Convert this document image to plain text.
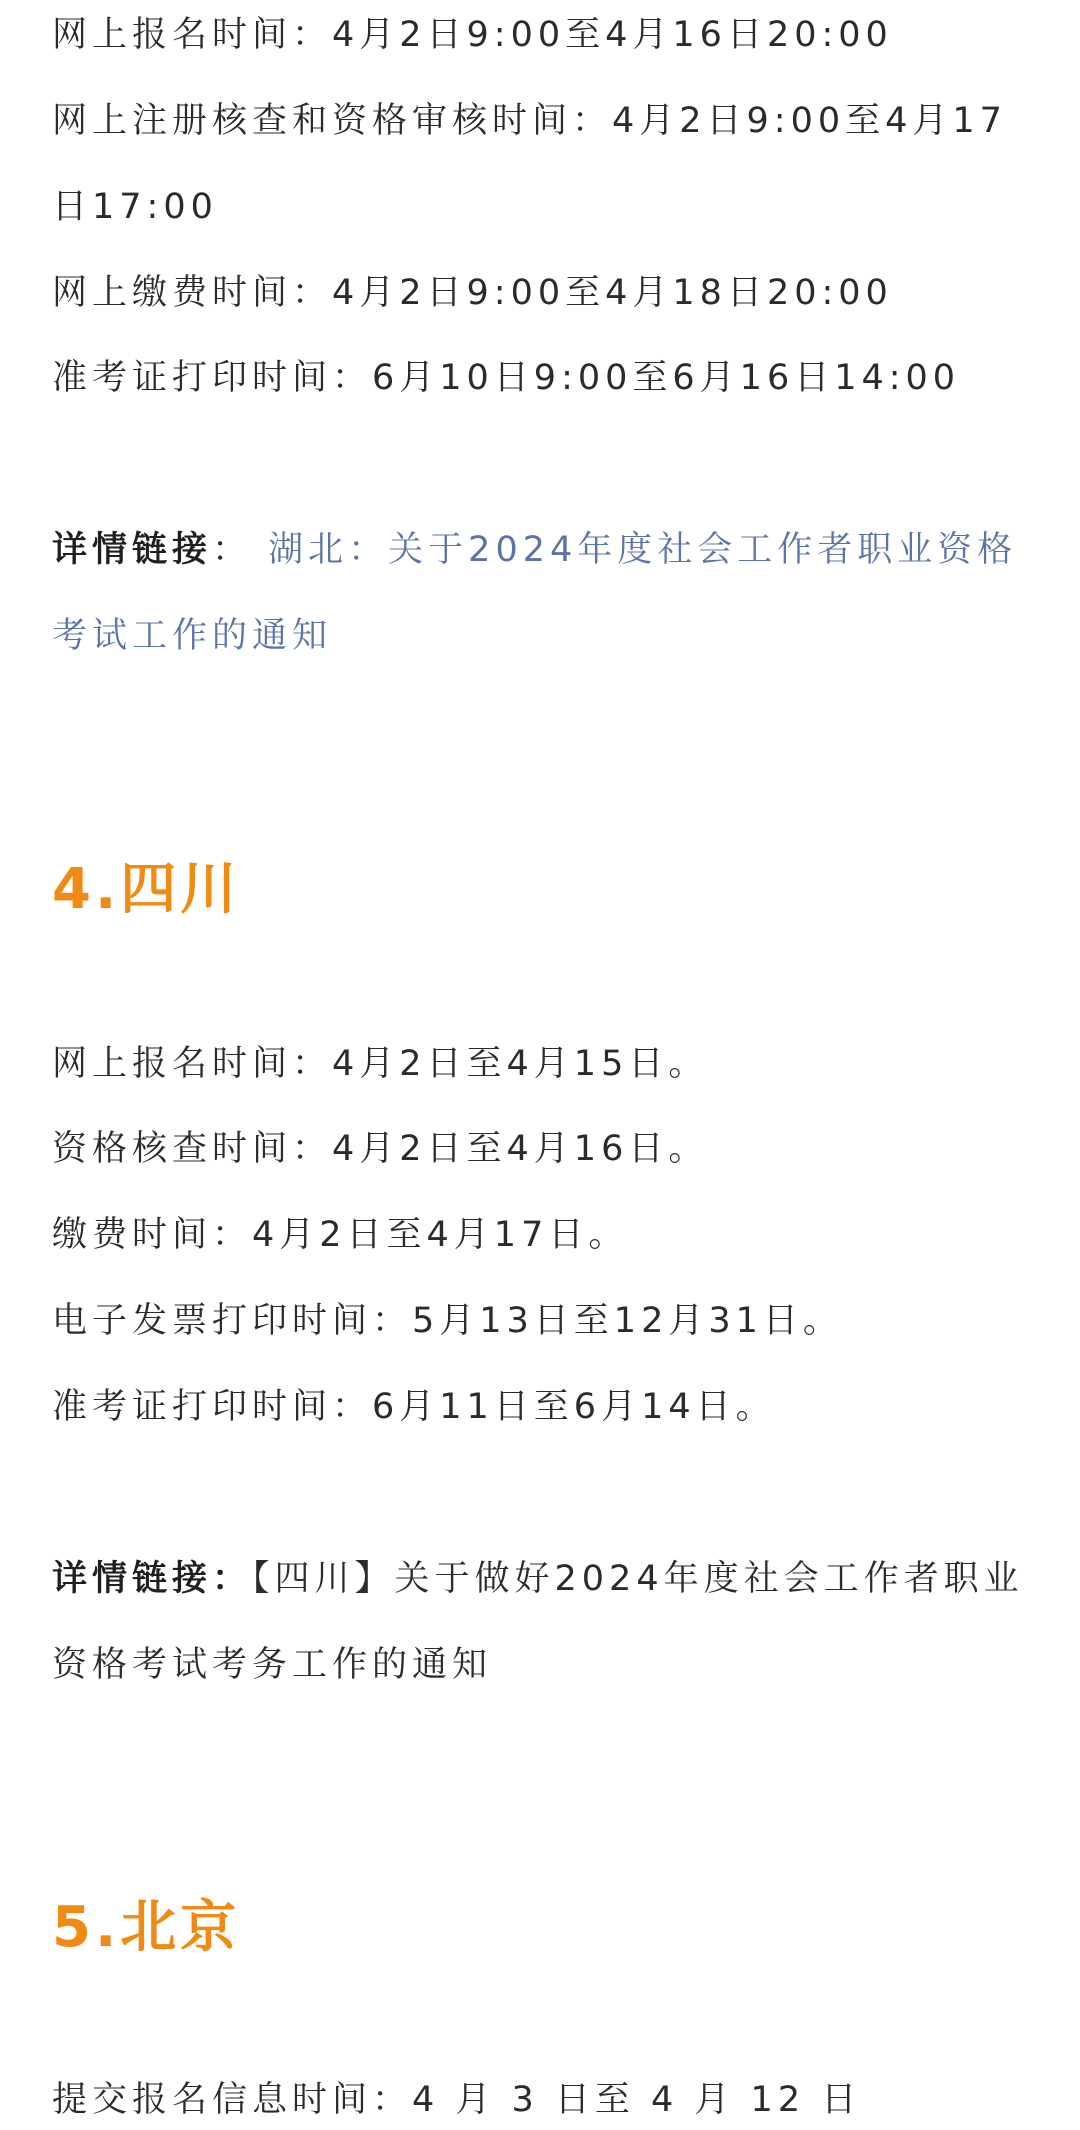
网上报名时间：4月2日9:00至4月16日20:00
网上注册核查和资格审核时间：4月2日9:00至4月17
日17:00
网上缴费时间：4月2日9:00至4月18日20:00
准考证打印时间：6月10日9:00至6月16日14:00
详情链接： 湖北：关于2024年度社会工作者职业资格
考试工作的通知
4.四川
网上报名时间：4月2日至4月15日。
资格核查时间：4月2日至4月16日。
缴费时间：4月2日至4月17日。
电子发票打印时间：5月13日至12月31日。
准考证打印时间：6月11日至6月14日。
详情链接：【四川】关于做好2024年度社会工作者职业
资格考试考务工作的通知
5.北京
提交报名信息时间：4 月 3 日至 4 月 12 日
